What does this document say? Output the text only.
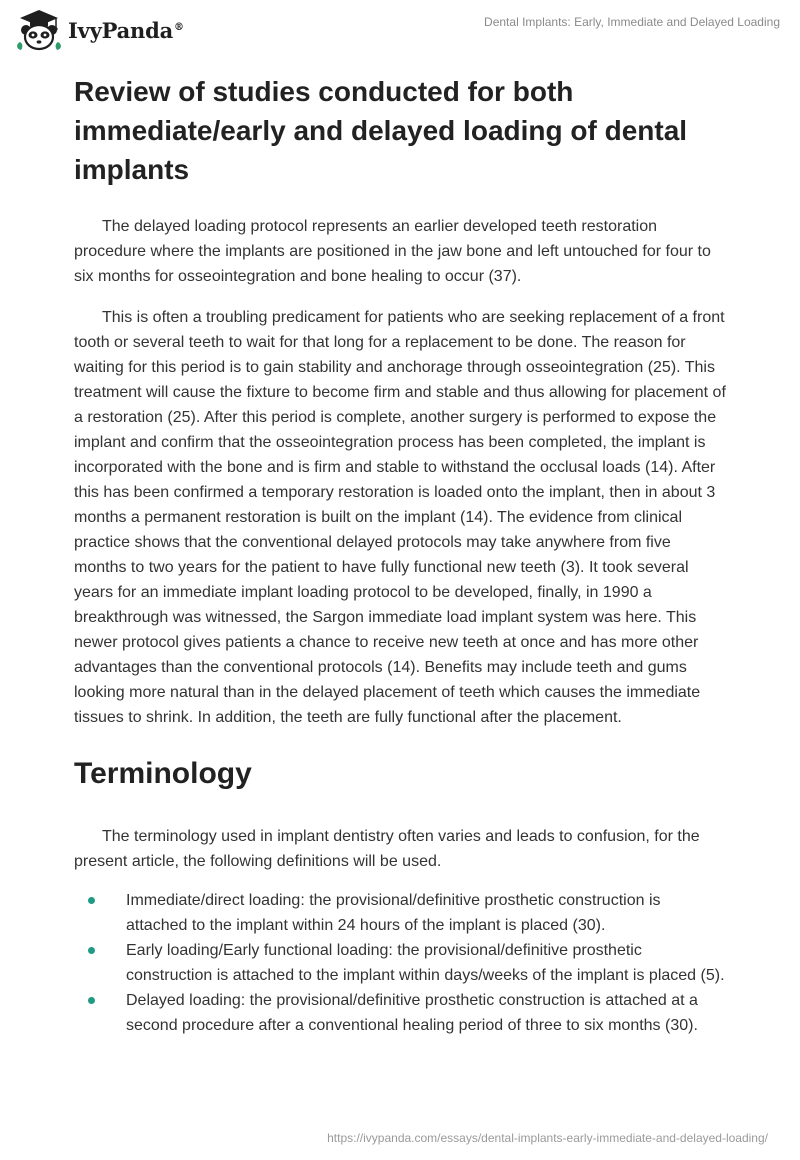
IvyPanda®	Dental Implants: Early, Immediate and Delayed Loading
Review of studies conducted for both immediate/early and delayed loading of dental implants

The delayed loading protocol represents an earlier developed teeth restoration procedure where the implants are positioned in the jaw bone and left untouched for four to six months for osseointegration and bone healing to occur (37).

This is often a troubling predicament for patients who are seeking replacement of a front tooth or several teeth to wait for that long for a replacement to be done. The reason for waiting for this period is to gain stability and anchorage through osseointegration (25). This treatment will cause the fixture to become firm and stable and thus allowing for placement of a restoration (25). After this period is complete, another surgery is performed to expose the implant and confirm that the osseointegration process has been completed, the implant is incorporated with the bone and is firm and stable to withstand the occlusal loads (14). After this has been confirmed a temporary restoration is loaded onto the implant, then in about 3 months a permanent restoration is built on the implant (14). The evidence from clinical practice shows that the conventional delayed protocols may take anywhere from five months to two years for the patient to have fully functional new teeth (3). It took several years for an immediate implant loading protocol to be developed, finally, in 1990 a breakthrough was witnessed, the Sargon immediate load implant system was here. This newer protocol gives patients a chance to receive new teeth at once and has more other advantages than the conventional protocols (14). Benefits may include teeth and gums looking more natural than in the delayed placement of teeth which causes the immediate tissues to shrink. In addition, the teeth are fully functional after the placement.

Terminology

The terminology used in implant dentistry often varies and leads to confusion, for the present article, the following definitions will be used.

Immediate/direct loading: the provisional/definitive prosthetic construction is attached to the implant within 24 hours of the implant is placed (30).
Early loading/Early functional loading: the provisional/definitive prosthetic construction is attached to the implant within days/weeks of the implant is placed (5).
Delayed loading: the provisional/definitive prosthetic construction is attached at a second procedure after a conventional healing period of three to six months (30).
https://ivypanda.com/essays/dental-implants-early-immediate-and-delayed-loading/
